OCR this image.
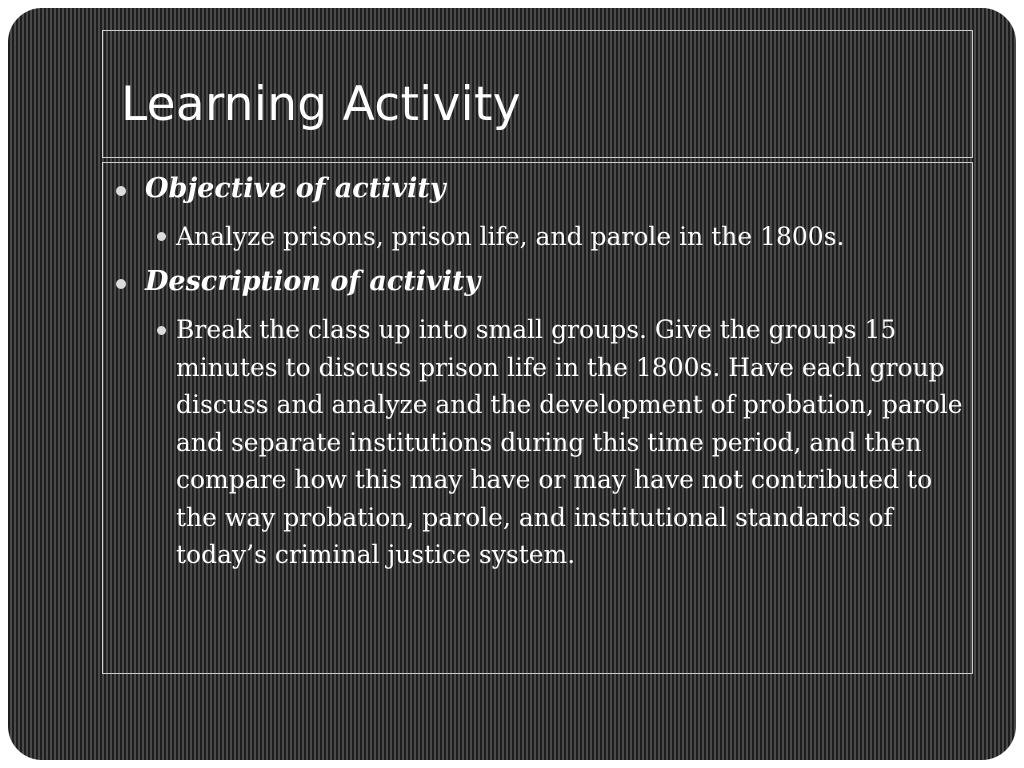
Learning Activity
Objective of activity
Analyze prisons, prison life, and parole in the 1800s.
Description of activity
Break the class up into small groups. Give the groups 15 minutes to discuss prison life in the 1800s. Have each group discuss and analyze and the development of probation, parole and separate institutions during this time period, and then compare how this may have or may have not contributed to the way probation, parole, and institutional standards of today’s criminal justice system.
